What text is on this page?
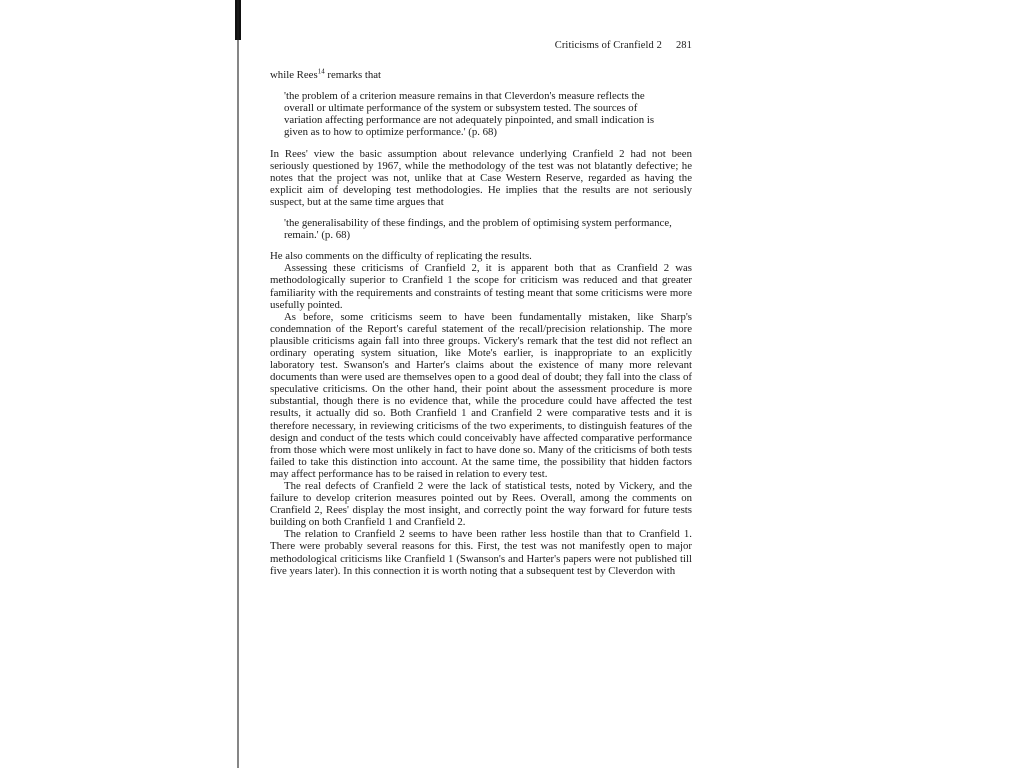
Criticisms of Cranfield 2 281

while Rees$^{14}$ remarks that

'the problem of a criterion measure remains in that Cleverdon's measure reflects the overall or ultimate performance of the system or subsystem tested. The sources of variation affecting performance are not adequately pinpointed, and small indication is given as to how to optimize performance.' (p. 68)

In Rees' view the basic assumption about relevance underlying Cranfield 2 had not been seriously questioned by 1967, while the methodology of the test was not blatantly defective; he notes that the project was not, unlike that at Case Western Reserve, regarded as having the explicit aim of developing test methodologies. He implies that the results are not seriously suspect, but at the same time argues that

'the generalisability of these findings, and the problem of optimising system performance, remain.' (p. 68)

He also comments on the difficulty of replicating the results.

Assessing these criticisms of Cranfield 2, it is apparent both that as Cranfield 2 was methodologically superior to Cranfield 1 the scope for criticism was reduced and that greater familiarity with the requirements and constraints of testing meant that some criticisms were more usefully pointed.

As before, some criticisms seem to have been fundamentally mistaken, like Sharp's condemnation of the Report's careful statement of the recall/precision relationship. The more plausible criticisms again fall into three groups. Vickery's remark that the test did not reflect an ordinary operating system situation, like Mote's earlier, is inappropriate to an explicitly laboratory test. Swanson's and Harter's claims about the existence of many more relevant documents than were used are themselves open to a good deal of doubt; they fall into the class of speculative criticisms. On the other hand, their point about the assessment procedure is more substantial, though there is no evidence that, while the procedure could have affected the test results, it actually did so. Both Cranfield 1 and Cranfield 2 were comparative tests and it is therefore necessary, in reviewing criticisms of the two experiments, to distinguish features of the design and conduct of the tests which could conceivably have affected comparative performance from those which were most unlikely in fact to have done so. Many of the criticisms of both tests failed to take this distinction into account. At the same time, the possibility that hidden factors may affect performance has to be raised in relation to every test.

The real defects of Cranfield 2 were the lack of statistical tests, noted by Vickery, and the failure to develop criterion measures pointed out by Rees. Overall, among the comments on Cranfield 2, Rees' display the most insight, and correctly point the way forward for future tests building on both Cranfield 1 and Cranfield 2.

The relation to Cranfield 2 seems to have been rather less hostile than that to Cranfield 1. There were probably several reasons for this. First, the test was not manifestly open to major methodological criticisms like Cranfield 1 (Swanson's and Harter's papers were not published till five years later). In this connection it is worth noting that a subsequent test by Cleverdon with
